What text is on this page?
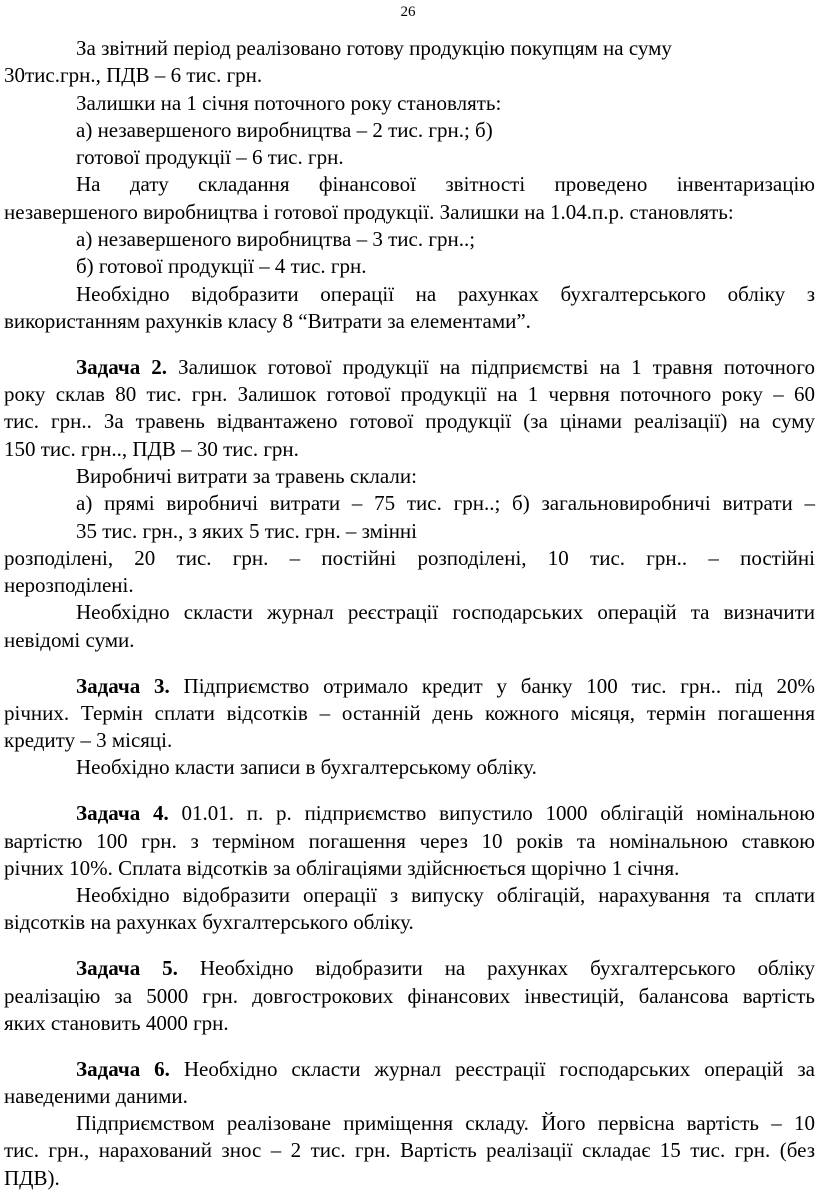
26
За звітний період реалізовано готову продукцію покупцям на суму
30тис.грн., ПДВ – 6 тис. грн.
Залишки на 1 січня поточного року становлять:
а) незавершеного виробництва – 2 тис. грн.; б)
готової продукції – 6 тис. грн.
На дату складання фінансової звітності проведено інвентаризацію
незавершеного виробництва і готової продукції. Залишки на 1.04.п.р. становлять:
а) незавершеного виробництва – 3 тис. грн..;
б) готової продукції – 4 тис. грн.
Необхідно відобразити операції на рахунках бухгалтерського обліку з
використанням рахунків класу 8 “Витрати за елементами”.
Задача 2. Залишок готової продукції на підприємстві на 1 травня поточного
року склав 80 тис. грн. Залишок готової продукції на 1 червня поточного року – 60
тис. грн.. За травень відвантажено готової продукції (за цінами реалізації) на суму
150 тис. грн.., ПДВ – 30 тис. грн.
Виробничі витрати за травень склали:
а) прямі виробничі витрати – 75 тис. грн..; б) загальновиробничі витрати –
35 тис. грн., з яких 5 тис. грн. – змінні
розподілені, 20 тис. грн. – постійні розподілені, 10 тис. грн.. – постійні
нерозподілені.
Необхідно скласти журнал реєстрації господарських операцій та визначити
невідомі суми.
Задача 3. Підприємство отримало кредит у банку 100 тис. грн.. під 20%
річних. Термін сплати відсотків – останній день кожного місяця, термін погашення
кредиту – 3 місяці.
Необхідно класти записи в бухгалтерському обліку.
Задача 4. 01.01. п. р. підприємство випустило 1000 облігацій номінальною
вартістю 100 грн. з терміном погашення через 10 років та номінальною ставкою
річних 10%. Сплата відсотків за облігаціями здійснюється щорічно 1 січня.
Необхідно відобразити операції з випуску облігацій, нарахування та сплати
відсотків на рахунках бухгалтерського обліку.
Задача 5. Необхідно відобразити на рахунках бухгалтерського обліку
реалізацію за 5000 грн. довгострокових фінансових інвестицій, балансова вартість
яких становить 4000 грн.
Задача 6. Необхідно скласти журнал реєстрації господарських операцій за
наведеними даними.
Підприємством реалізоване приміщення складу. Його первісна вартість – 10
тис. грн., нарахований знос – 2 тис. грн. Вартість реалізації складає 15 тис. грн. (без
ПДВ).
